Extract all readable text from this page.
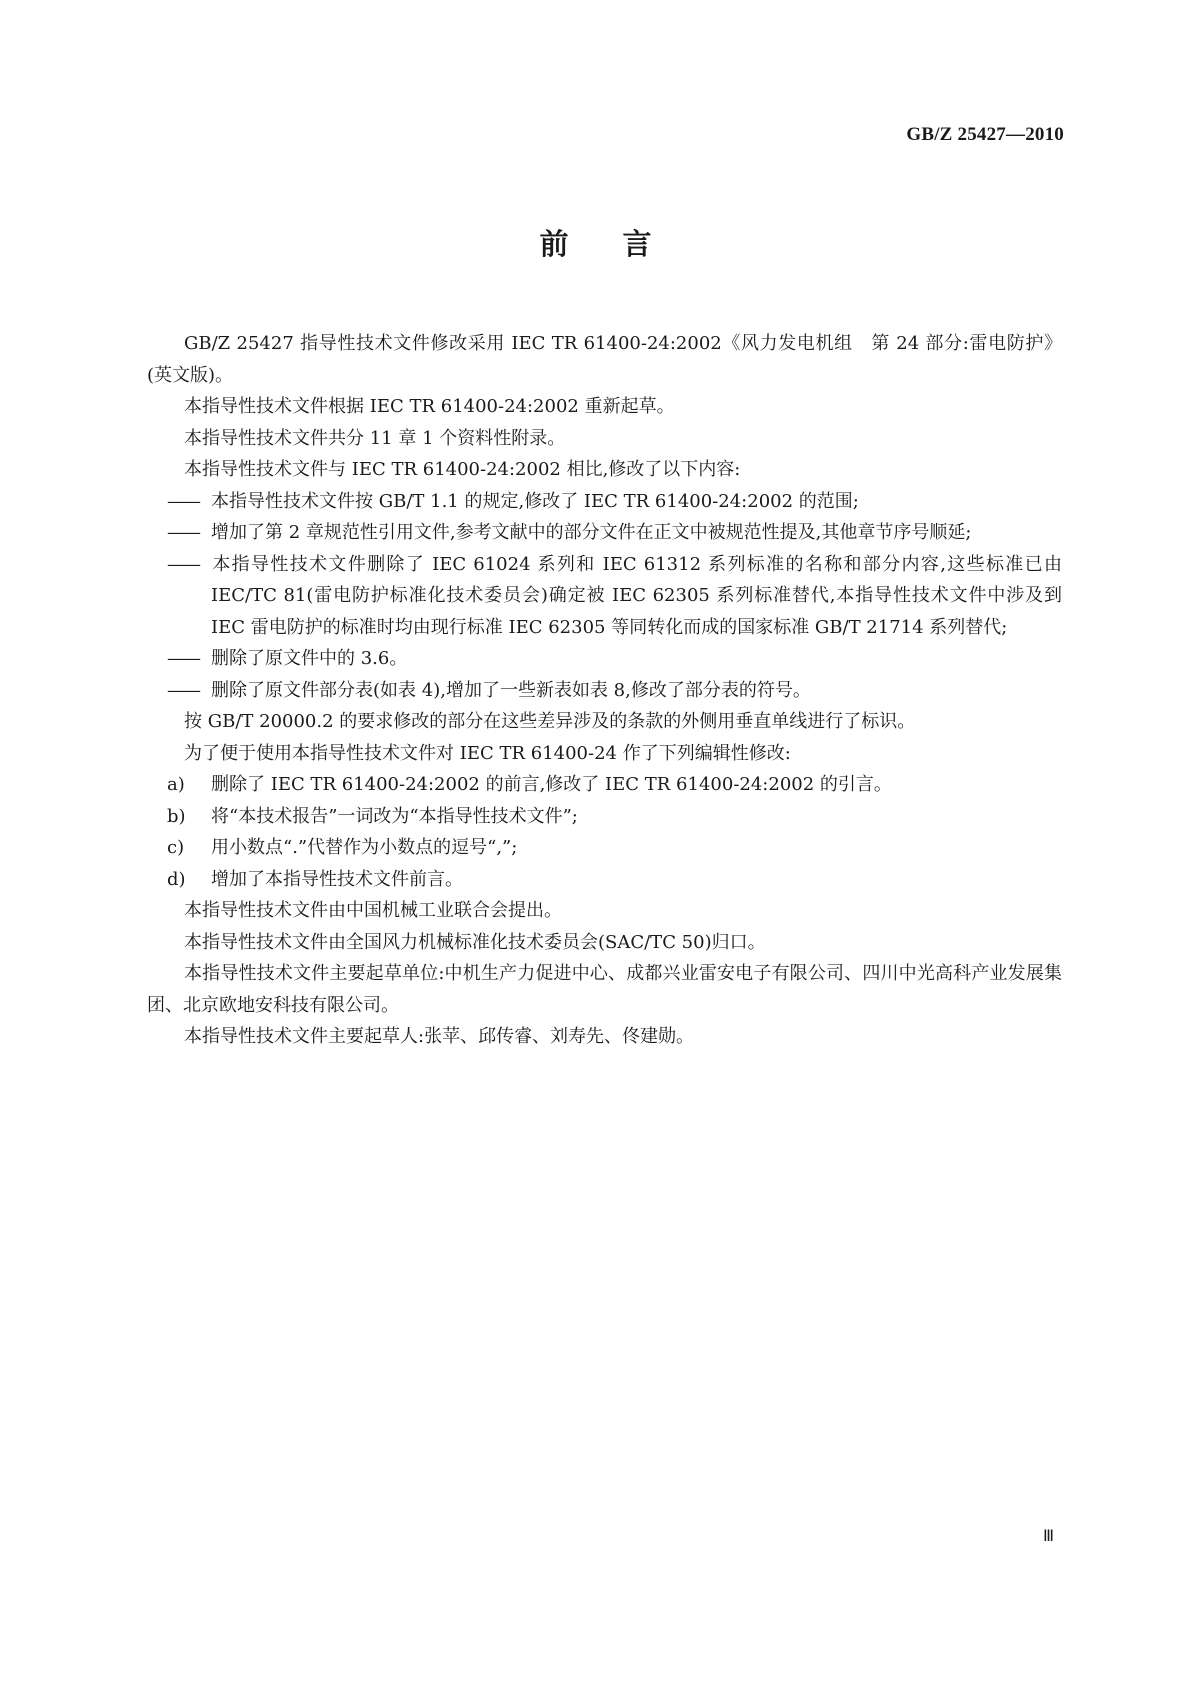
GB/Z 25427—2010
前言

GB/Z 25427 指导性技术文件修改采用 IEC TR 61400-24:2002《风力发电机组　第 24 部分:雷电防护》(英文版)。

本指导性技术文件根据 IEC TR 61400-24:2002 重新起草。

本指导性技术文件共分 11 章 1 个资料性附录。

本指导性技术文件与 IEC TR 61400-24:2002 相比,修改了以下内容:

—— 本指导性技术文件按 GB/T 1.1 的规定,修改了 IEC TR 61400-24:2002 的范围;

—— 增加了第 2 章规范性引用文件,参考文献中的部分文件在正文中被规范性提及,其他章节序号顺延;

—— 本指导性技术文件删除了 IEC 61024 系列和 IEC 61312 系列标准的名称和部分内容,这些标准已由 IEC/TC 81(雷电防护标准化技术委员会)确定被 IEC 62305 系列标准替代,本指导性技术文件中涉及到 IEC 雷电防护的标准时均由现行标准 IEC 62305 等同转化而成的国家标准 GB/T 21714 系列替代;

—— 删除了原文件中的 3.6。

—— 删除了原文件部分表(如表 4),增加了一些新表如表 8,修改了部分表的符号。

按 GB/T 20000.2 的要求修改的部分在这些差异涉及的条款的外侧用垂直单线进行了标识。

为了便于使用本指导性技术文件对 IEC TR 61400-24 作了下列编辑性修改:

a) 删除了 IEC TR 61400-24:2002 的前言,修改了 IEC TR 61400-24:2002 的引言。

b) 将“本技术报告”一词改为“本指导性技术文件”;

c) 用小数点“.”代替作为小数点的逗号“,”;

d) 增加了本指导性技术文件前言。

本指导性技术文件由中国机械工业联合会提出。

本指导性技术文件由全国风力机械标准化技术委员会(SAC/TC 50)归口。

本指导性技术文件主要起草单位:中机生产力促进中心、成都兴业雷安电子有限公司、四川中光高科产业发展集团、北京欧地安科技有限公司。

本指导性技术文件主要起草人:张苹、邱传睿、刘寿先、佟建勋。

Ⅲ
